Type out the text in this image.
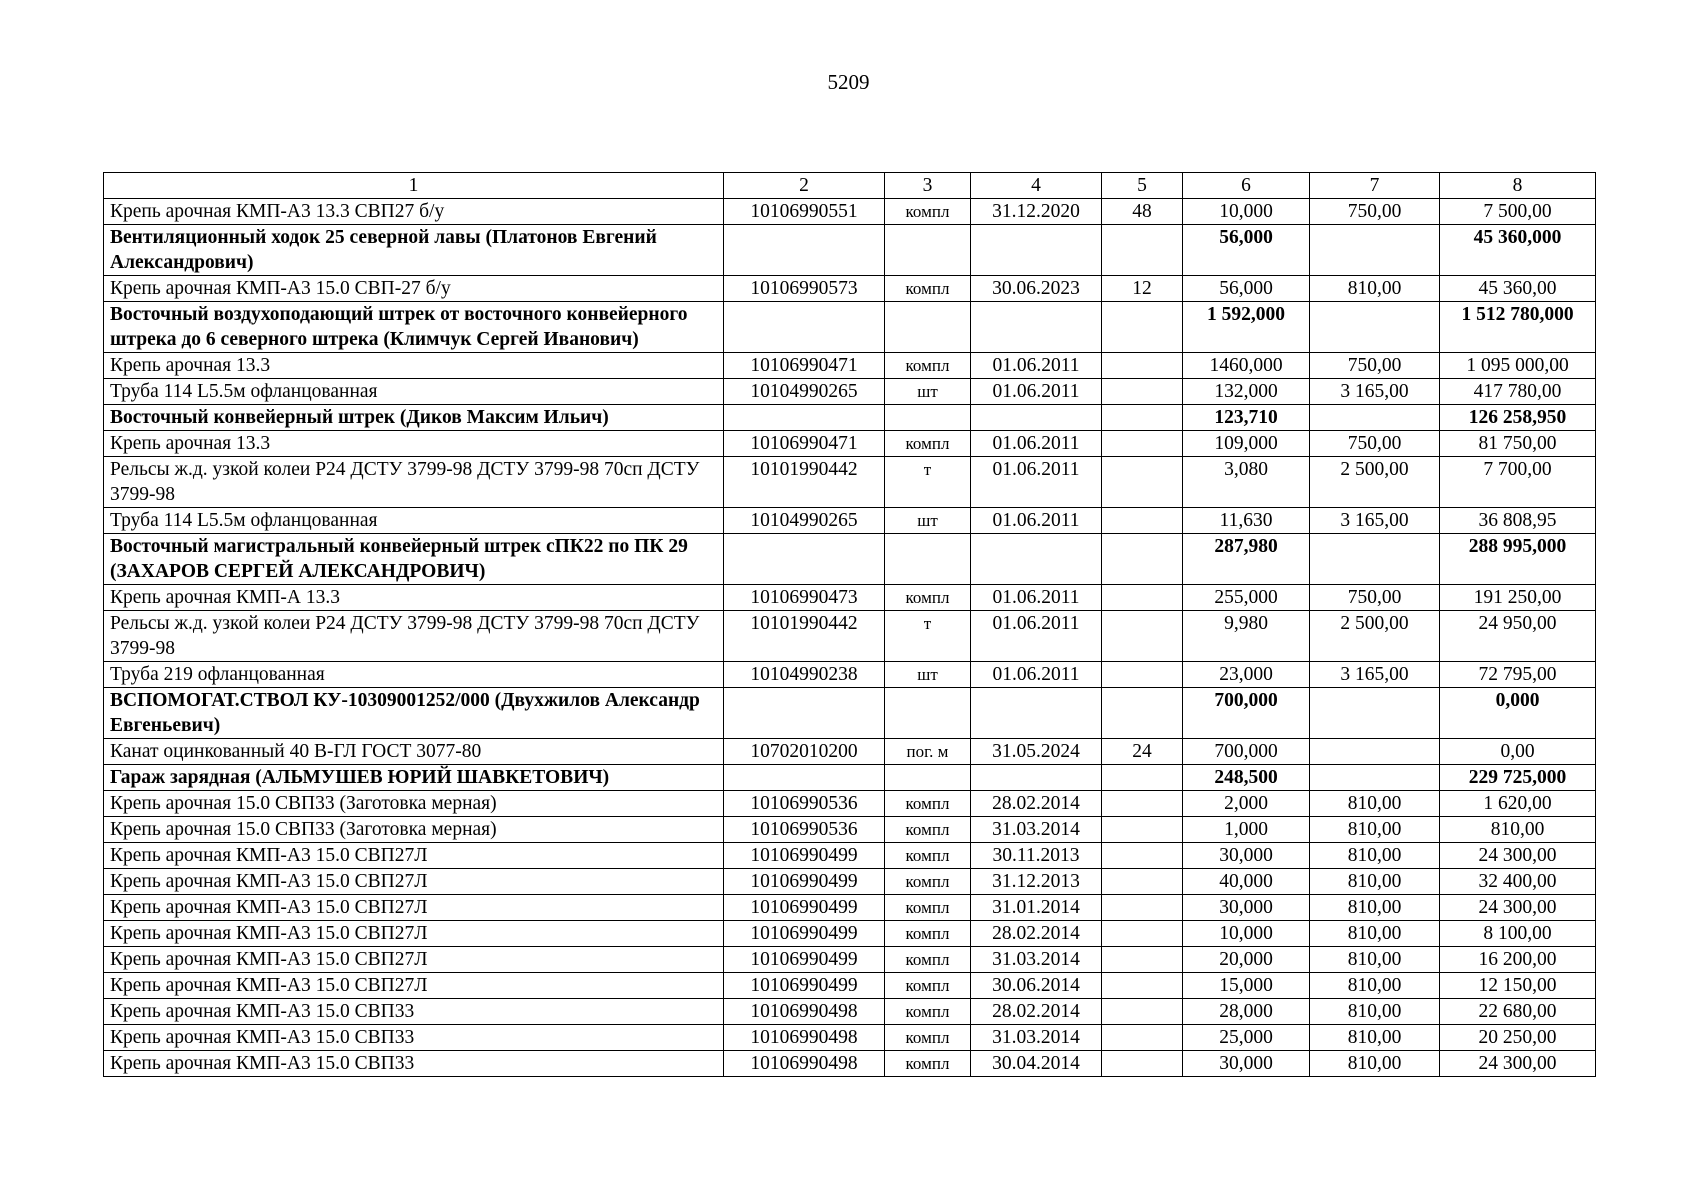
5209
1	2	3	4	5	6	7	8
Крепь арочная КМП-А3 13.3 СВП27 б/у	10106990551	компл	31.12.2020	48	10,000	750,00	7 500,00
Вентиляционный ходок 25 северной лавы (Платонов Евгений Александрович)					56,000		45 360,000
Крепь арочная КМП-А3 15.0 СВП-27 б/у	10106990573	компл	30.06.2023	12	56,000	810,00	45 360,00
Восточный воздухоподающий штрек от восточного конвейерного штрека до 6 северного штрека (Климчук Сергей Иванович)					1 592,000		1 512 780,000
Крепь арочная 13.3	10106990471	компл	01.06.2011		1460,000	750,00	1 095 000,00
Труба 114 L5.5м офланцованная	10104990265	шт	01.06.2011		132,000	3 165,00	417 780,00
Восточный конвейерный штрек (Диков Максим Ильич)					123,710		126 258,950
Крепь арочная 13.3	10106990471	компл	01.06.2011		109,000	750,00	81 750,00
Рельсы ж.д. узкой колеи Р24 ДСТУ 3799-98 ДСТУ 3799-98 70сп ДСТУ 3799-98	10101990442	т	01.06.2011		3,080	2 500,00	7 700,00
Труба 114 L5.5м офланцованная	10104990265	шт	01.06.2011		11,630	3 165,00	36 808,95
Восточный магистральный конвейерный штрек сПК22 по ПК 29 (ЗАХАРОВ СЕРГЕЙ АЛЕКСАНДРОВИЧ)					287,980		288 995,000
Крепь арочная КМП-А 13.3	10106990473	компл	01.06.2011		255,000	750,00	191 250,00
Рельсы ж.д. узкой колеи Р24 ДСТУ 3799-98 ДСТУ 3799-98 70сп ДСТУ 3799-98	10101990442	т	01.06.2011		9,980	2 500,00	24 950,00
Труба 219 офланцованная	10104990238	шт	01.06.2011		23,000	3 165,00	72 795,00
ВСПОМОГАТ.СТВОЛ КУ-10309001252/000 (Двухжилов Александр Евгеньевич)					700,000		0,000
Канат оцинкованный 40 В-ГЛ ГОСТ 3077-80	10702010200	пог. м	31.05.2024	24	700,000		0,00
Гараж зарядная (АЛЬМУШЕВ ЮРИЙ ШАВКЕТОВИЧ)					248,500		229 725,000
Крепь арочная 15.0 СВП33 (Заготовка мерная)	10106990536	компл	28.02.2014		2,000	810,00	1 620,00
Крепь арочная 15.0 СВП33 (Заготовка мерная)	10106990536	компл	31.03.2014		1,000	810,00	810,00
Крепь арочная КМП-А3 15.0 СВП27Л	10106990499	компл	30.11.2013		30,000	810,00	24 300,00
Крепь арочная КМП-А3 15.0 СВП27Л	10106990499	компл	31.12.2013		40,000	810,00	32 400,00
Крепь арочная КМП-А3 15.0 СВП27Л	10106990499	компл	31.01.2014		30,000	810,00	24 300,00
Крепь арочная КМП-А3 15.0 СВП27Л	10106990499	компл	28.02.2014		10,000	810,00	8 100,00
Крепь арочная КМП-А3 15.0 СВП27Л	10106990499	компл	31.03.2014		20,000	810,00	16 200,00
Крепь арочная КМП-А3 15.0 СВП27Л	10106990499	компл	30.06.2014		15,000	810,00	12 150,00
Крепь арочная КМП-А3 15.0 СВП33	10106990498	компл	28.02.2014		28,000	810,00	22 680,00
Крепь арочная КМП-А3 15.0 СВП33	10106990498	компл	31.03.2014		25,000	810,00	20 250,00
Крепь арочная КМП-А3 15.0 СВП33	10106990498	компл	30.04.2014		30,000	810,00	24 300,00
